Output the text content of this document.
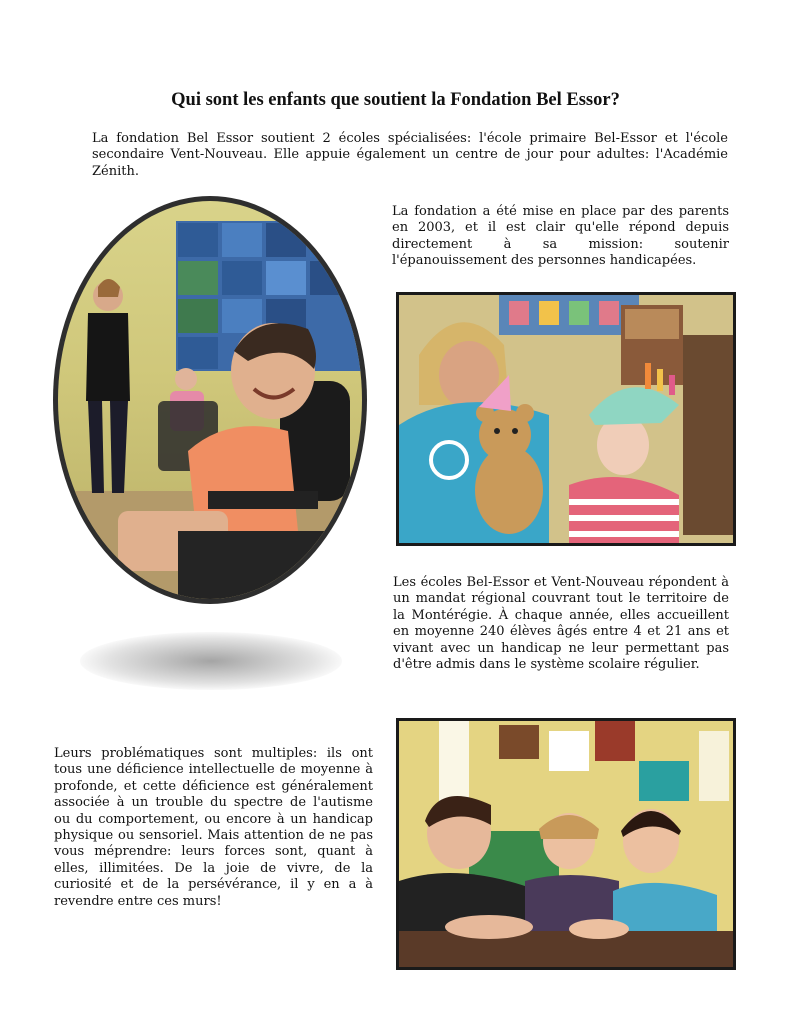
Qui sont les enfants que soutient la Fondation Bel Essor?

La fondation Bel Essor soutient 2 écoles spécialisées: l'école primaire Bel-Essor et l'école secondaire Vent-Nouveau. Elle appuie également un centre de jour pour adultes: l'Académie Zénith.

La fondation a été mise en place par des parents en 2003, et il est clair qu'elle répond depuis directement à sa mission: soutenir l'épanouissement des personnes handicapées.

Les écoles Bel-Essor et Vent-Nouveau répondent à un mandat régional couvrant tout le territoire de la Montérégie. À chaque année, elles accueillent en moyenne 240 élèves âgés entre 4 et 21 ans et vivant avec un handicap ne leur permettant pas d'être admis dans le système scolaire régulier.

Leurs problématiques sont multiples: ils ont tous une déficience intellectuelle de moyenne à profonde, et cette déficience est généralement associée à un trouble du spectre de l'autisme ou du comportement, ou encore à un handicap physique ou sensoriel. Mais attention de ne pas vous méprendre: leurs forces sont, quant à elles, illimitées. De la joie de vivre, de la curiosité et de la persévérance, il y en a à revendre entre ces murs!
